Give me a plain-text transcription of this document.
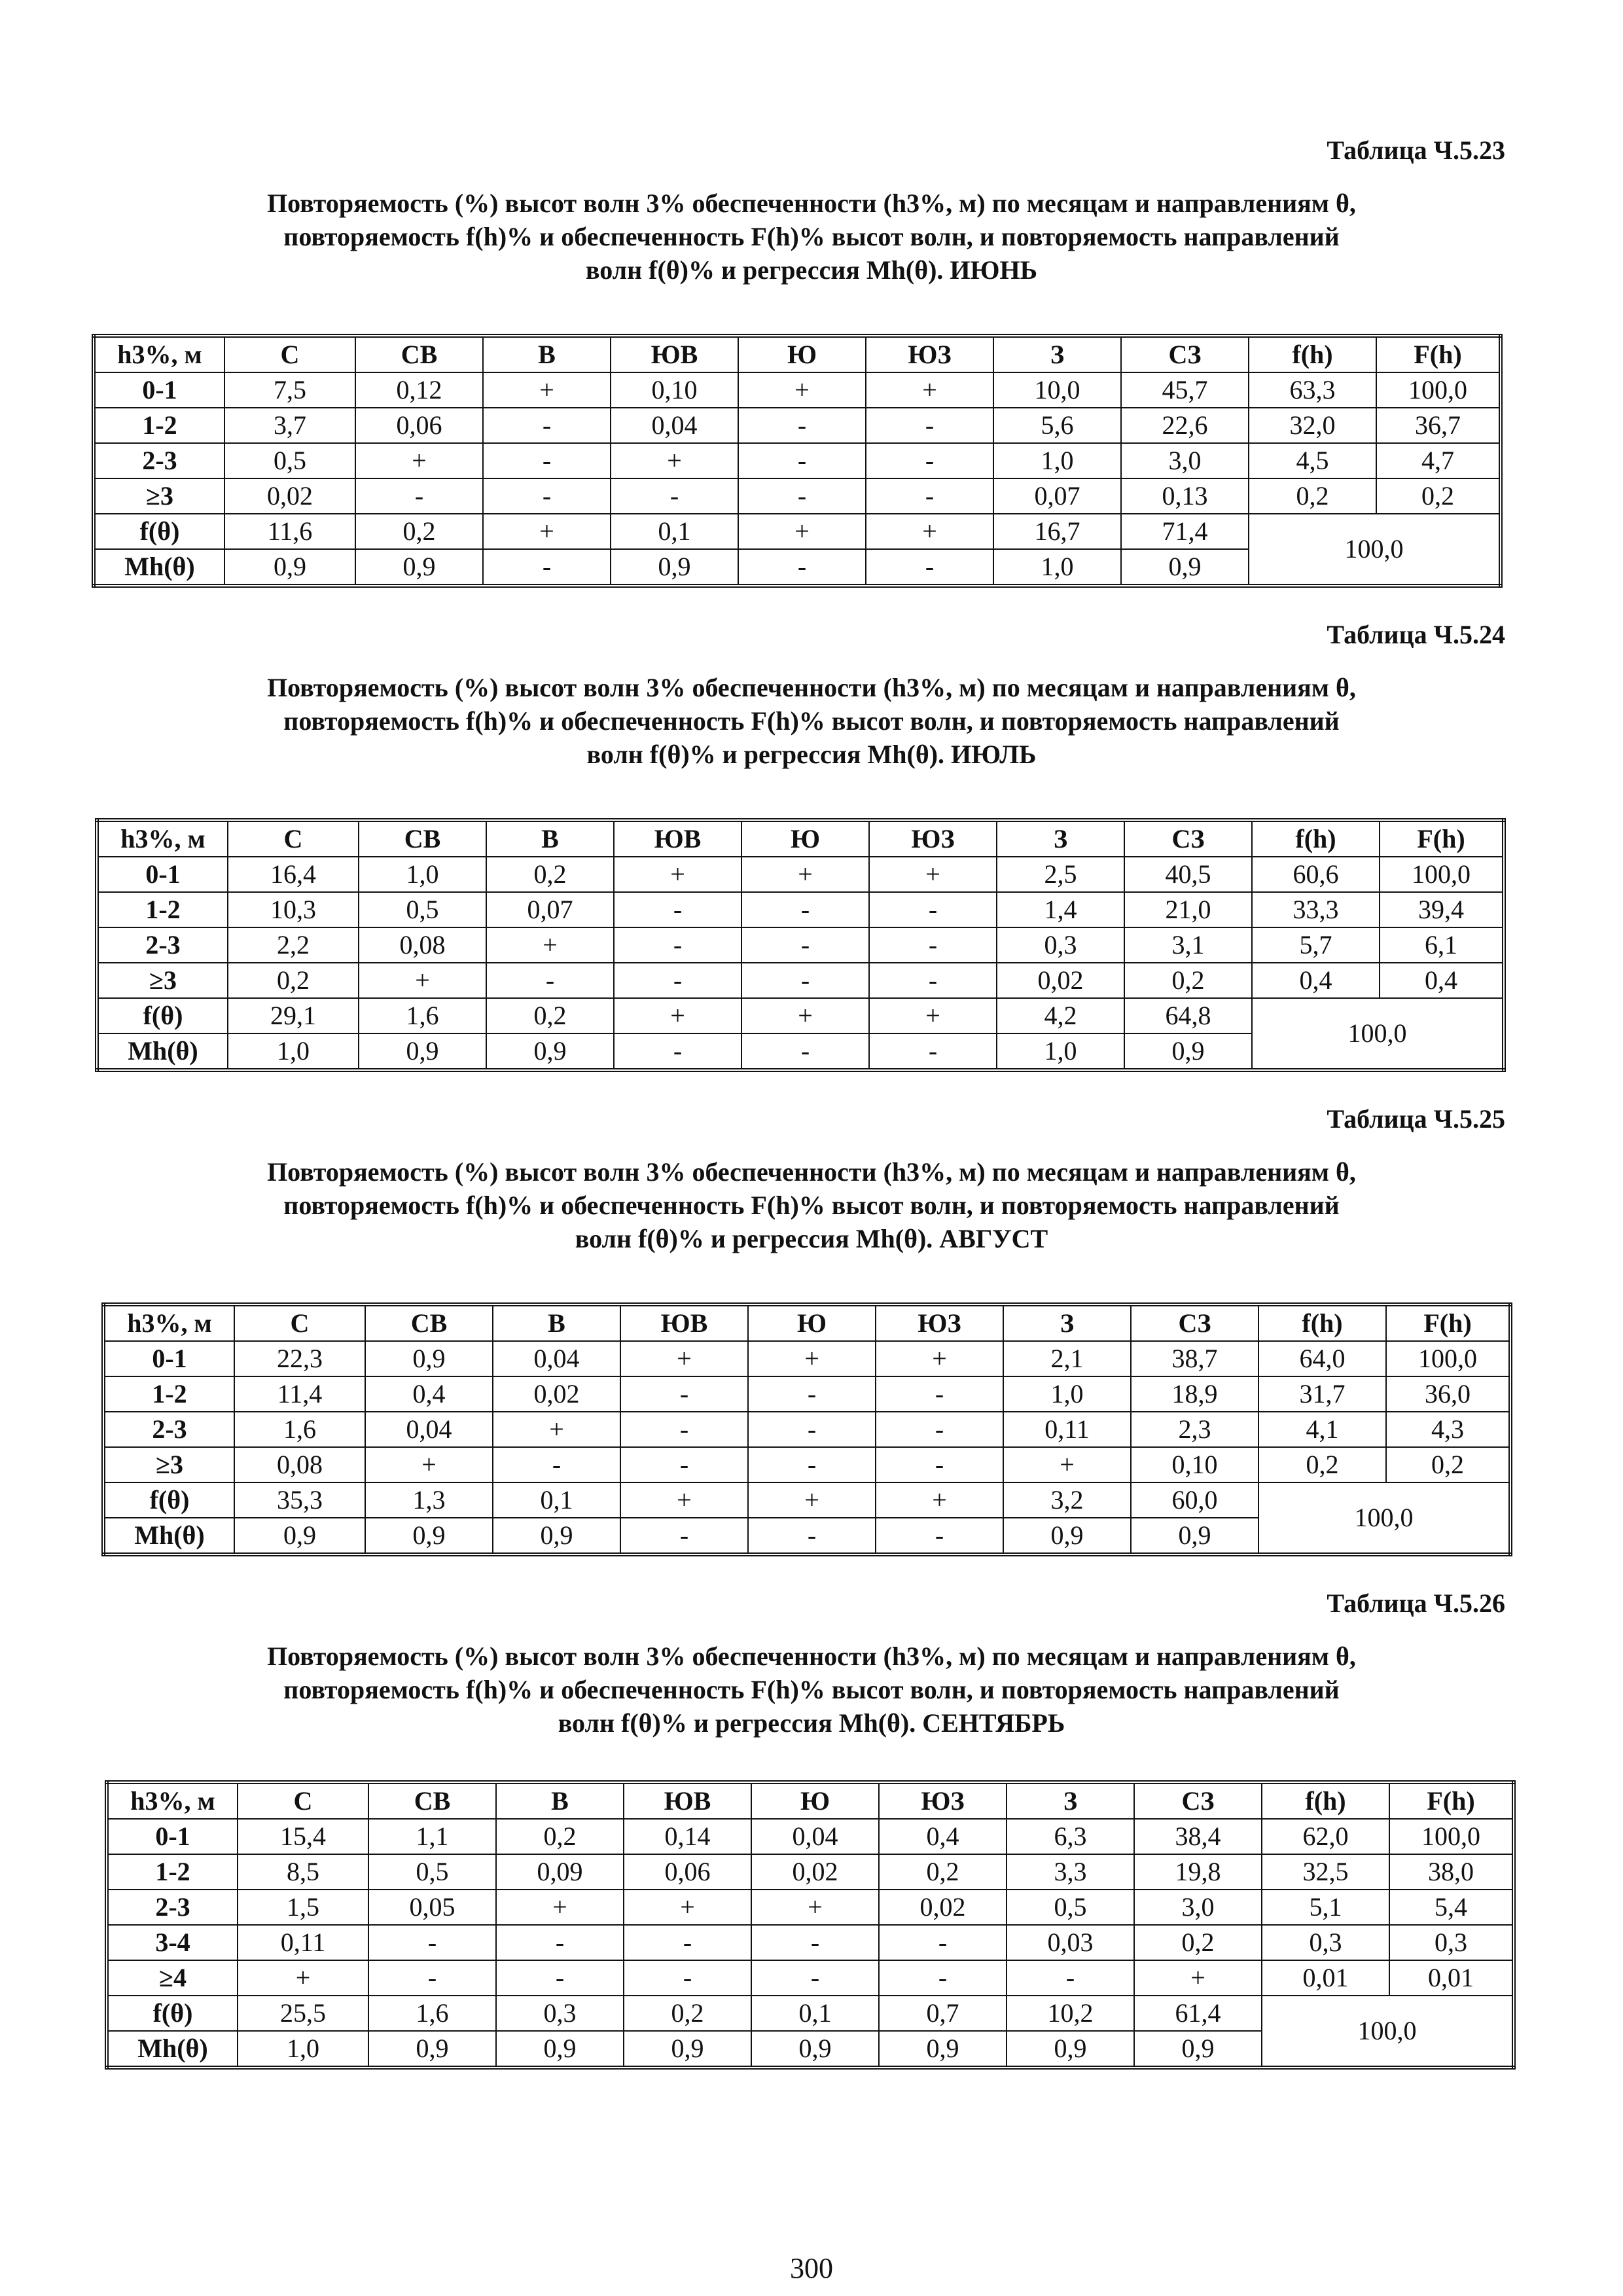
Таблица Ч.5.23

Повторяемость (%) высот волн 3% обеспеченности (h3%, м) по месяцам и направлениям θ,

повторяемость f(h)% и обеспеченность F(h)% высот волн, и повторяемость направлений

волн f(θ)% и регрессия Mh(θ). ИЮНЬ

h3%, м	С	СВ	В	ЮВ	Ю	ЮЗ	З	СЗ	f(h)	F(h)
0-1	7,5	0,12	+	0,10	+	+	10,0	45,7	63,3	100,0
1-2	3,7	0,06	-	0,04	-	-	5,6	22,6	32,0	36,7
2-3	0,5	+	-	+	-	-	1,0	3,0	4,5	4,7
≥3	0,02	-	-	-	-	-	0,07	0,13	0,2	0,2
f(θ)	11,6	0,2	+	0,1	+	+	16,7	71,4	100,0	
Mh(θ)	0,9	0,9	-	0,9	-	-	1,0	0,9		
Таблица Ч.5.24

Повторяемость (%) высот волн 3% обеспеченности (h3%, м) по месяцам и направлениям θ,

повторяемость f(h)% и обеспеченность F(h)% высот волн, и повторяемость направлений

волн f(θ)% и регрессия Mh(θ). ИЮЛЬ

h3%, м	С	СВ	В	ЮВ	Ю	ЮЗ	З	СЗ	f(h)	F(h)
0-1	16,4	1,0	0,2	+	+	+	2,5	40,5	60,6	100,0
1-2	10,3	0,5	0,07	-	-	-	1,4	21,0	33,3	39,4
2-3	2,2	0,08	+	-	-	-	0,3	3,1	5,7	6,1
≥3	0,2	+	-	-	-	-	0,02	0,2	0,4	0,4
f(θ)	29,1	1,6	0,2	+	+	+	4,2	64,8	100,0	
Mh(θ)	1,0	0,9	0,9	-	-	-	1,0	0,9		
Таблица Ч.5.25

Повторяемость (%) высот волн 3% обеспеченности (h3%, м) по месяцам и направлениям θ,

повторяемость f(h)% и обеспеченность F(h)% высот волн, и повторяемость направлений

волн f(θ)% и регрессия Mh(θ). АВГУСТ

h3%, м	С	СВ	В	ЮВ	Ю	ЮЗ	З	СЗ	f(h)	F(h)
0-1	22,3	0,9	0,04	+	+	+	2,1	38,7	64,0	100,0
1-2	11,4	0,4	0,02	-	-	-	1,0	18,9	31,7	36,0
2-3	1,6	0,04	+	-	-	-	0,11	2,3	4,1	4,3
≥3	0,08	+	-	-	-	-	+	0,10	0,2	0,2
f(θ)	35,3	1,3	0,1	+	+	+	3,2	60,0	100,0	
Mh(θ)	0,9	0,9	0,9	-	-	-	0,9	0,9		
Таблица Ч.5.26

Повторяемость (%) высот волн 3% обеспеченности (h3%, м) по месяцам и направлениям θ,

повторяемость f(h)% и обеспеченность F(h)% высот волн, и повторяемость направлений

волн f(θ)% и регрессия Mh(θ). СЕНТЯБРЬ

h3%, м	С	СВ	В	ЮВ	Ю	ЮЗ	З	СЗ	f(h)	F(h)
0-1	15,4	1,1	0,2	0,14	0,04	0,4	6,3	38,4	62,0	100,0
1-2	8,5	0,5	0,09	0,06	0,02	0,2	3,3	19,8	32,5	38,0
2-3	1,5	0,05	+	+	+	0,02	0,5	3,0	5,1	5,4
3-4	0,11	-	-	-	-	-	0,03	0,2	0,3	0,3
≥4	+	-	-	-	-	-	-	+	0,01	0,01
f(θ)	25,5	1,6	0,3	0,2	0,1	0,7	10,2	61,4	100,0	
Mh(θ)	1,0	0,9	0,9	0,9	0,9	0,9	0,9	0,9		
300
